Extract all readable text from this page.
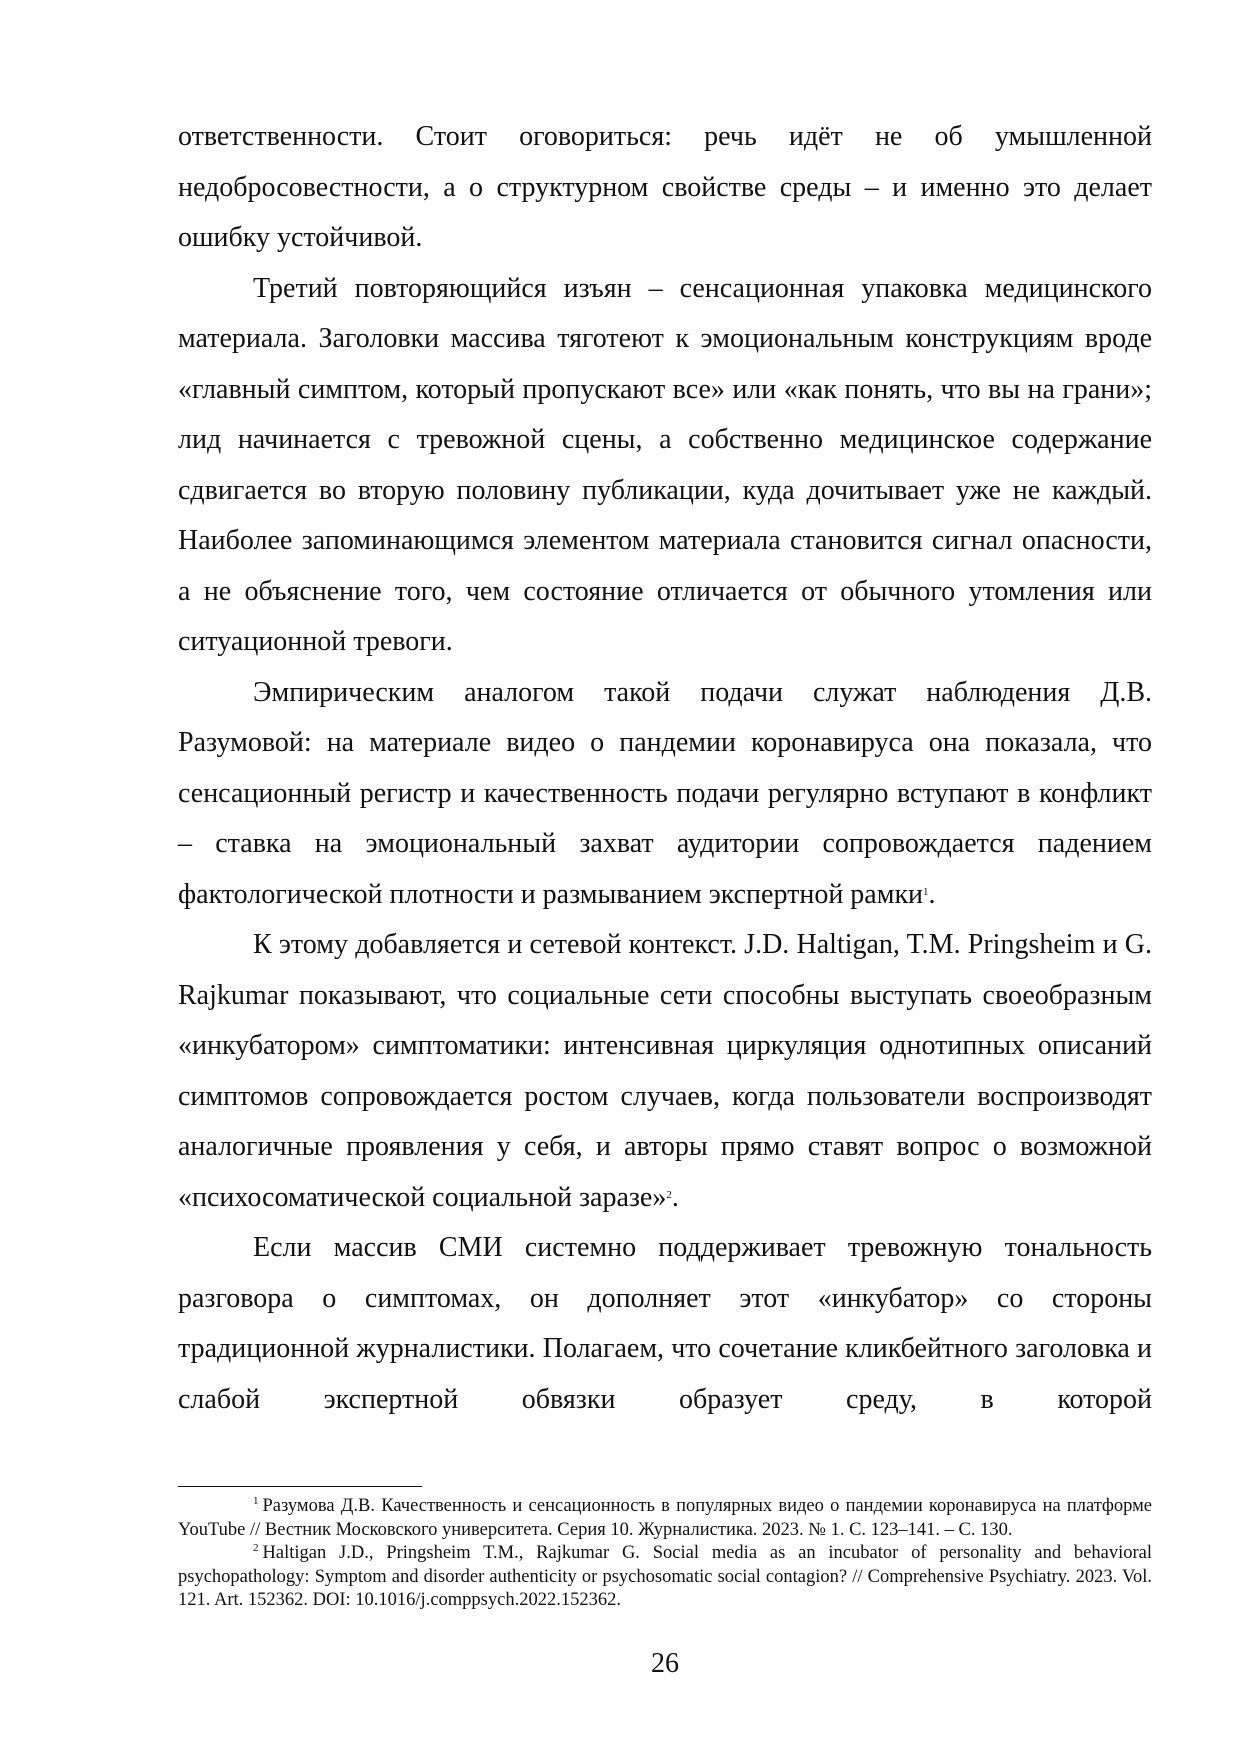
ответственности. Стоит оговориться: речь идёт не об умышленной недобросовестности, а о структурном свойстве среды – и именно это делает ошибку устойчивой.

Третий повторяющийся изъян – сенсационная упаковка медицинского материала. Заголовки массива тяготеют к эмоциональным конструкциям вроде «главный симптом, который пропускают все» или «как понять, что вы на грани»; лид начинается с тревожной сцены, а собственно медицинское содержание сдвигается во вторую половину публикации, куда дочитывает уже не каждый. Наиболее запоминающимся элементом материала становится сигнал опасности, а не объяснение того, чем состояние отличается от обычного утомления или ситуационной тревоги.

Эмпирическим аналогом такой подачи служат наблюдения Д.В. Разумовой: на материале видео о пандемии коронавируса она показала, что сенсационный регистр и качественность подачи регулярно вступают в конфликт – ставка на эмоциональный захват аудитории сопровождается падением фактологической плотности и размыванием экспертной рамки$^1$.

К этому добавляется и сетевой контекст. J.D. Haltigan, T.M. Pringsheim и G. Rajkumar показывают, что социальные сети способны выступать своеобразным «инкубатором» симптоматики: интенсивная циркуляция однотипных описаний симптомов сопровождается ростом случаев, когда пользователи воспроизводят аналогичные проявления у себя, и авторы прямо ставят вопрос о возможной «психосоматической социальной заразе»$^2$.

Если массив СМИ системно поддерживает тревожную тональность разговора о симптомах, он дополняет этот «инкубатор» со стороны традиционной журналистики. Полагаем, что сочетание кликбейтного заголовка и слабой экспертной обвязки образует среду, в которой

$^1$ Разумова Д.В. Качественность и сенсационность в популярных видео о пандемии коронавируса на платформе YouTube // Вестник Московского университета. Серия 10. Журналистика. 2023. № 1. С. 123–141. – С. 130.

$^2$ Haltigan J.D., Pringsheim T.M., Rajkumar G. Social media as an incubator of personality and behavioral psychopathology: Symptom and disorder authenticity or psychosomatic social contagion? // Comprehensive Psychiatry. 2023. Vol. 121. Art. 152362. DOI: 10.1016/j.comppsych.2022.152362.

26
